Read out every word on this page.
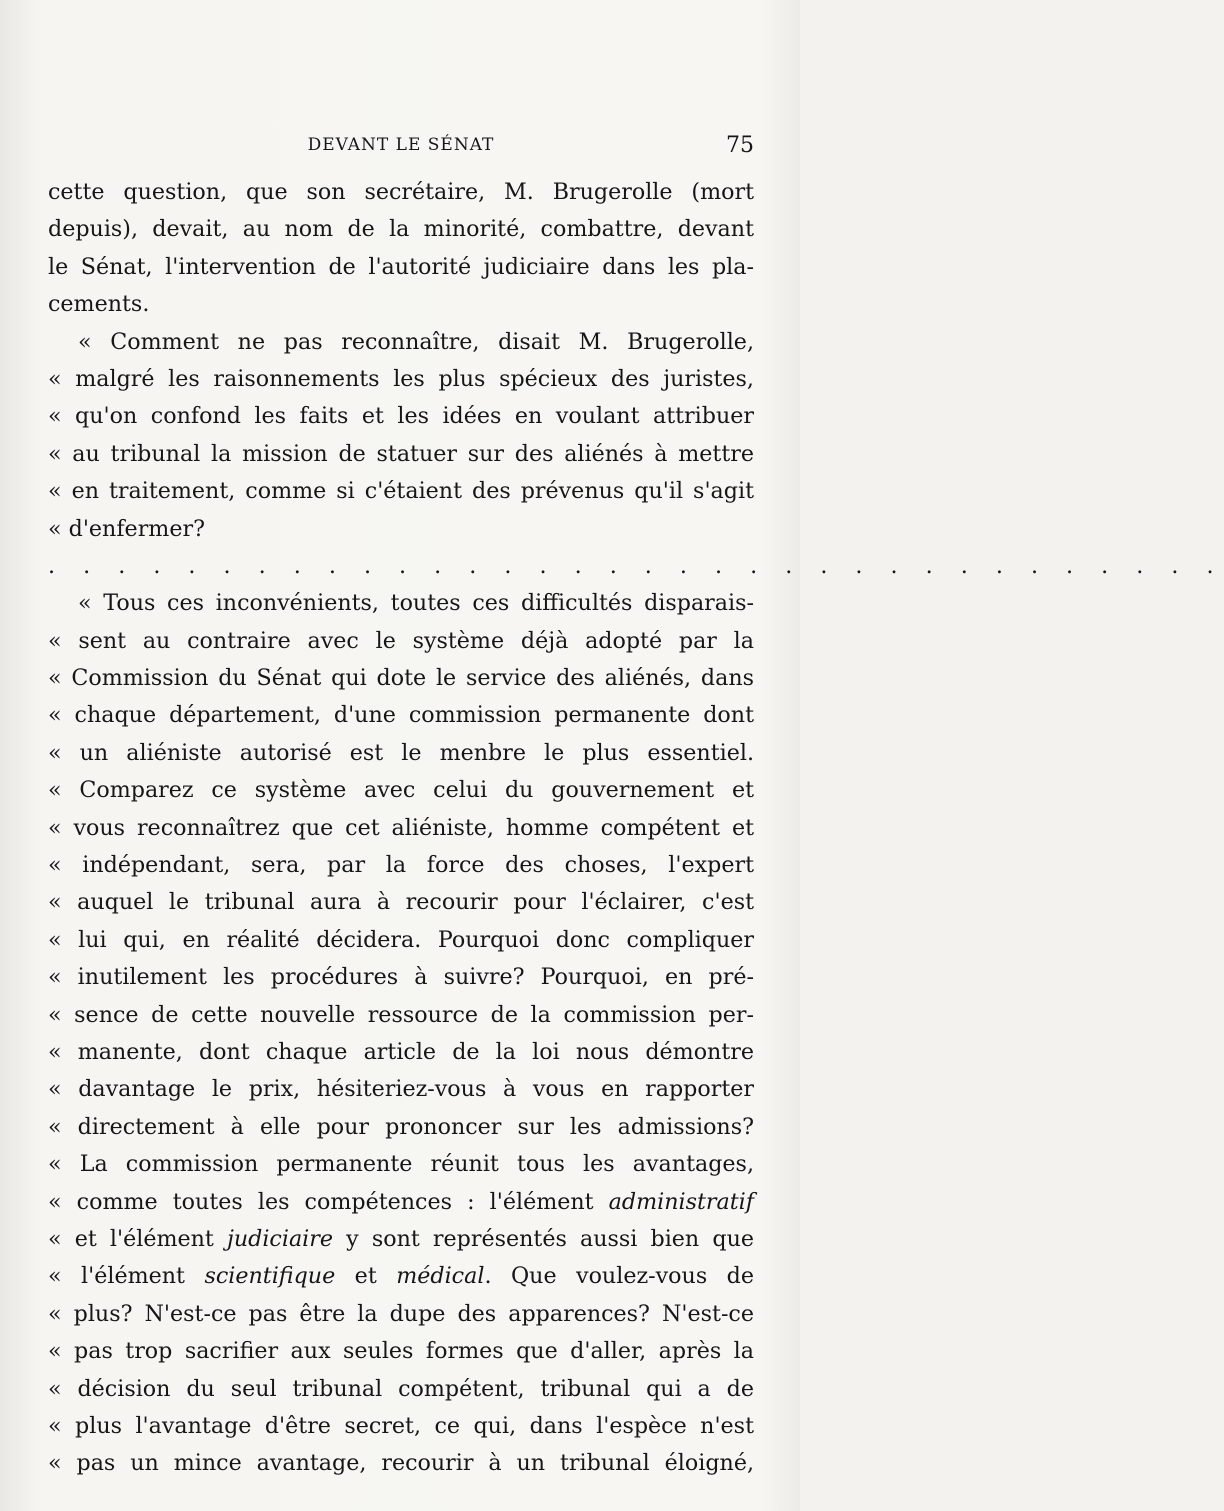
DEVANT LE SÉNAT	75
cette question, que son secrétaire, M. Brugerolle (mort
depuis), devait, au nom de la minorité, combattre, devant
le Sénat, l'intervention de l'autorité judiciaire dans les pla-
cements.
« Comment ne pas reconnaître, disait M. Brugerolle,
« malgré les raisonnements les plus spécieux des juristes,
« qu'on confond les faits et les idées en voulant attribuer
« au tribunal la mission de statuer sur des aliénés à mettre
« en traitement, comme si c'étaient des prévenus qu'il s'agit
« d'enfermer?
. . . . . . . . . . . . . . . . . . . . . . . . . . . . . . . . . .
« Tous ces inconvénients, toutes ces difficultés disparais-
« sent au contraire avec le système déjà adopté par la
« Commission du Sénat qui dote le service des aliénés, dans
« chaque département, d'une commission permanente dont
« un aliéniste autorisé est le menbre le plus essentiel.
« Comparez ce système avec celui du gouvernement et
« vous reconnaîtrez que cet aliéniste, homme compétent et
« indépendant, sera, par la force des choses, l'expert
« auquel le tribunal aura à recourir pour l'éclairer, c'est
« lui qui, en réalité décidera. Pourquoi donc compliquer
« inutilement les procédures à suivre? Pourquoi, en pré-
« sence de cette nouvelle ressource de la commission per-
« manente, dont chaque article de la loi nous démontre
« davantage le prix, hésiteriez-vous à vous en rapporter
« directement à elle pour prononcer sur les admissions?
« La commission permanente réunit tous les avantages,
« comme toutes les compétences : l'élément administratif
« et l'élément judiciaire y sont représentés aussi bien que
« l'élément scientifique et médical. Que voulez-vous de
« plus? N'est-ce pas être la dupe des apparences? N'est-ce
« pas trop sacrifier aux seules formes que d'aller, après la
« décision du seul tribunal compétent, tribunal qui a de
« plus l'avantage d'être secret, ce qui, dans l'espèce n'est
« pas un mince avantage, recourir à un tribunal éloigné,
